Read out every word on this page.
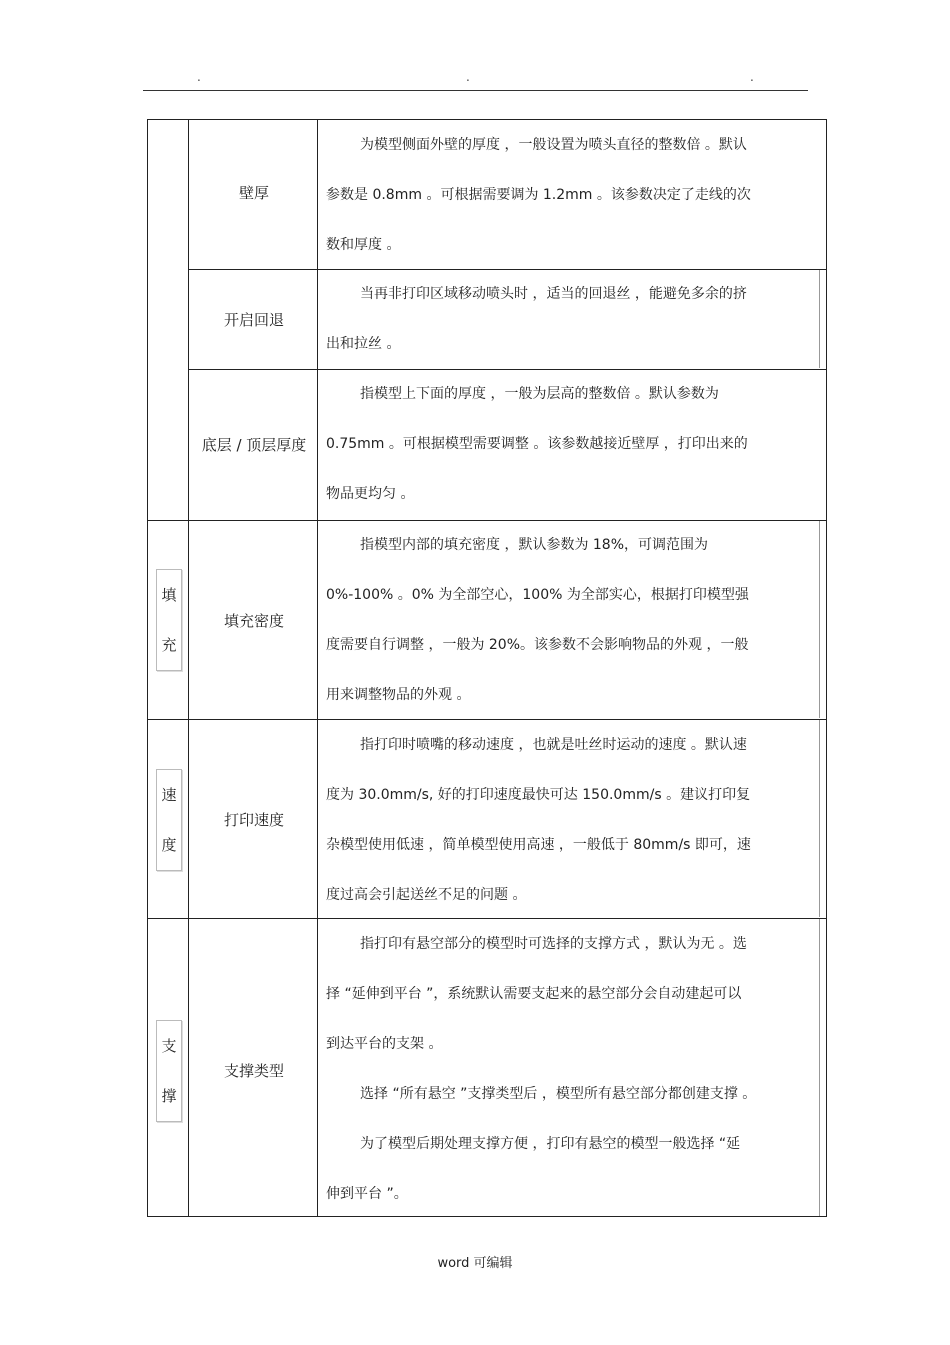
.	.	.
壁厚

为模型侧面外壁的厚度 ，一般设置为喷头直径的整数倍 。默认

参数是 0.8mm 。可根据需要调为 1.2mm 。该参数决定了走线的次

数和厚度 。

开启回退

当再非打印区域移动喷头时 ，适当的回退丝 ，能避免多余的挤

出和拉丝 。

底层 / 顶层厚度

指模型上下面的厚度 ，一般为层高的整数倍 。默认参数为

0.75mm 。可根据模型需要调整 。该参数越接近壁厚 ，打印出来的

物品更均匀 。

填
充
填充密度

指模型内部的填充密度 ，默认参数为 18%，可调范围为

0%-100% 。0% 为全部空心，100% 为全部实心，根据打印模型强

度需要自行调整 ，一般为 20%。该参数不会影响物品的外观 ，一般

用来调整物品的外观 。

速
度
打印速度

指打印时喷嘴的移动速度 ，也就是吐丝时运动的速度 。默认速

度为 30.0mm/s, 好的打印速度最快可达 150.0mm/s 。建议打印复

杂模型使用低速 ，简单模型使用高速 ，一般低于 80mm/s 即可，速

度过高会引起送丝不足的问题 。

支
撑
支撑类型

指打印有悬空部分的模型时可选择的支撑方式 ，默认为无 。选

择 “延伸到平台 ”，系统默认需要支起来的悬空部分会自动建起可以

到达平台的支架 。

选择 “所有悬空 ”支撑类型后 ，模型所有悬空部分都创建支撑 。

为了模型后期处理支撑方便 ，打印有悬空的模型一般选择 “延

伸到平台 ”。

word 可编辑
